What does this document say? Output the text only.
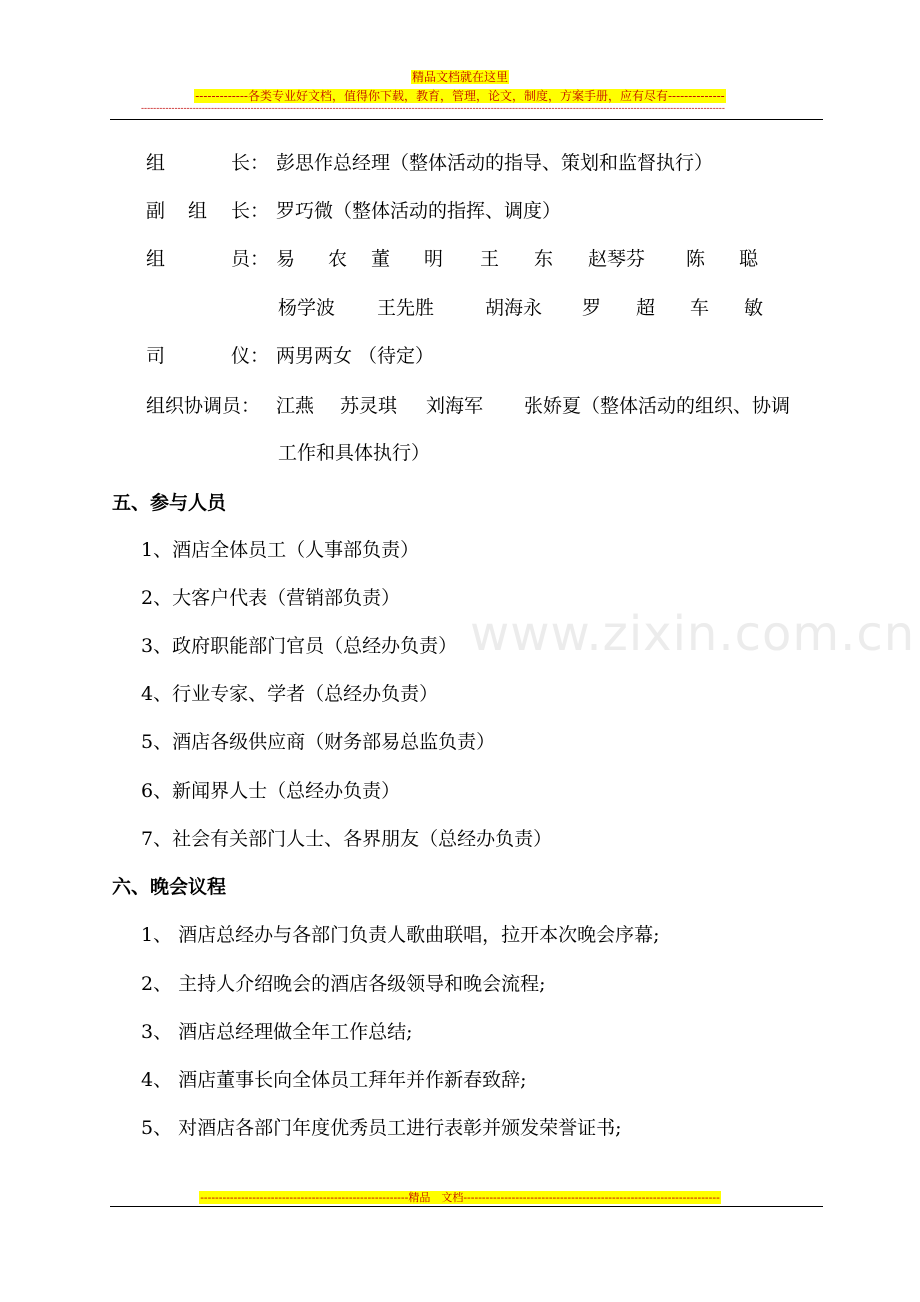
www.zixin.com.cn
精品文档就在这里
-------------各类专业好文档，值得你下载，教育，管理，论文，制度，方案手册，应有尽有--------------
------------------------------------------------------------------------------------------------------------------------------------------------------------------------------------------------
组	长： 彭思作总经理（整体活动的指导、策划和监督执行）
副 组 长： 罗巧微（整体活动的指挥、调度）
组	员： 易 农 董 明 王 东 赵琴芬 陈 聪
杨学波 王先胜	胡海永 罗 超 车 敏
司	仪： 两男两女 （待定）
组织协调员： 江燕 苏灵琪 刘海军 张娇夏（整体活动的组织、协调
工作和具体执行）
五、参与人员
1、酒店全体员工（人事部负责）
2、大客户代表（营销部负责）
3、政府职能部门官员（总经办负责）
4、行业专家、学者（总经办负责）
5、酒店各级供应商（财务部易总监负责）
6、新闻界人士（总经办负责）
7、社会有关部门人士、各界朋友（总经办负责）
六、晚会议程
1、 酒店总经办与各部门负责人歌曲联唱，拉开本次晚会序幕;
2、 主持人介绍晚会的酒店各级领导和晚会流程;
3、 酒店总经理做全年工作总结;
4、 酒店董事长向全体员工拜年并作新春致辞;
5、 对酒店各部门年度优秀员工进行表彰并颁发荣誉证书;
--------------------------------------------------------精品　文档---------------------------------------------------------------------
